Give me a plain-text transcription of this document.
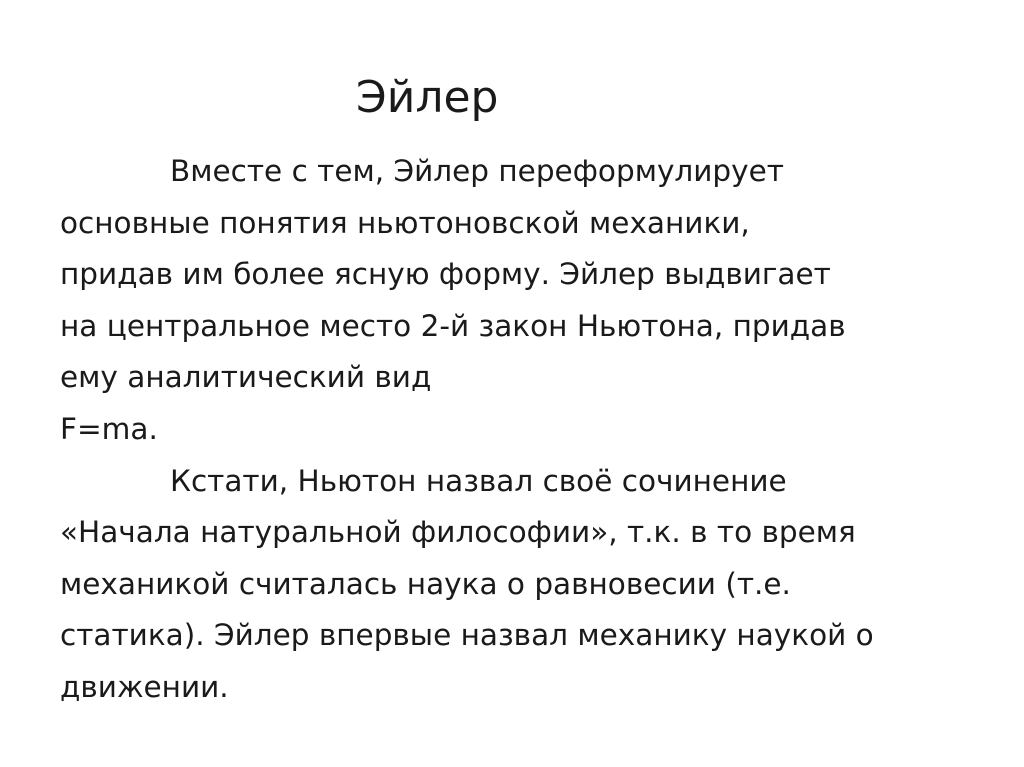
Эйлер
Вместе с тем, Эйлер переформулирует
основные понятия ньютоновской механики,
придав им более ясную форму. Эйлер выдвигает
на центральное место 2-й закон Ньютона, придав
ему аналитический вид
F=ma.
Кстати, Ньютон назвал своё сочинение
«Начала натуральной философии», т.к. в то время
механикой считалась наука о равновесии (т.е.
статика). Эйлер впервые назвал механику наукой о
движении.
